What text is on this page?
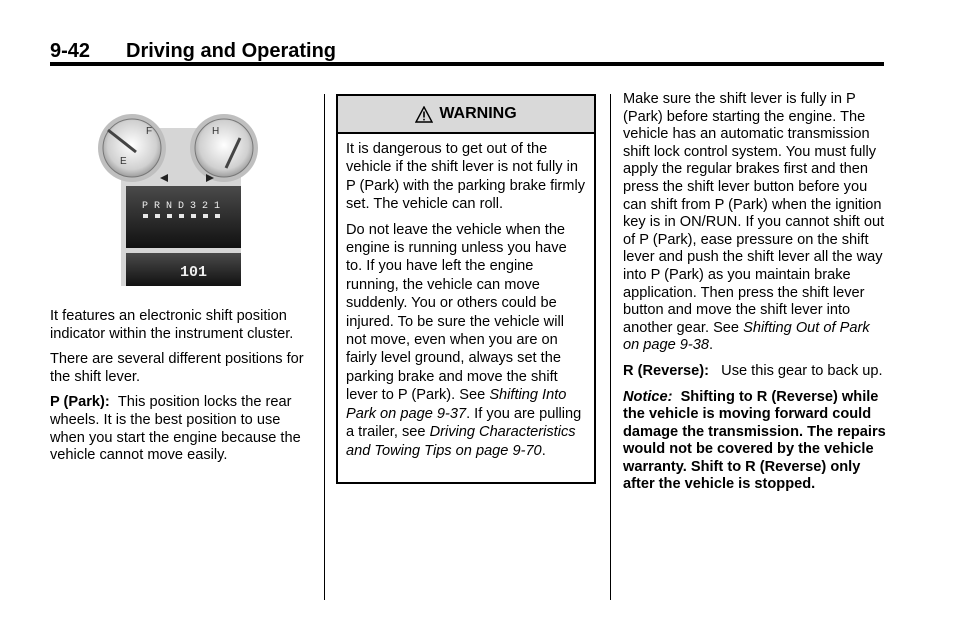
9-42 Driving and Operating
F
E
H
P R N D 3 2 1
101

It features an electronic shift position indicator within the instrument cluster.

There are several different positions for the shift lever.

P (Park): This position locks the rear wheels. It is the best position to use when you start the engine because the vehicle cannot move easily.

WARNING

It is dangerous to get out of the vehicle if the shift lever is not fully in P (Park) with the parking brake firmly set. The vehicle can roll.

Do not leave the vehicle when the engine is running unless you have to. If you have left the engine running, the vehicle can move suddenly. You or others could be injured. To be sure the vehicle will not move, even when you are on fairly level ground, always set the parking brake and move the shift lever to P (Park). See Shifting Into Park on page 9‑37. If you are pulling a trailer, see Driving Characteristics and Towing Tips on page 9‑70.

Make sure the shift lever is fully in P (Park) before starting the engine. The vehicle has an automatic transmission shift lock control system. You must fully apply the regular brakes first and then press the shift lever button before you can shift from P (Park) when the ignition key is in ON/RUN. If you cannot shift out of P (Park), ease pressure on the shift lever and push the shift lever all the way into P (Park) as you maintain brake application. Then press the shift lever button and move the shift lever into another gear. See Shifting Out of Park on page 9‑38.

R (Reverse): Use this gear to back up.

Notice: Shifting to R (Reverse) while the vehicle is moving forward could damage the transmission. The repairs would not be covered by the vehicle warranty. Shift to R (Reverse) only after the vehicle is stopped.
